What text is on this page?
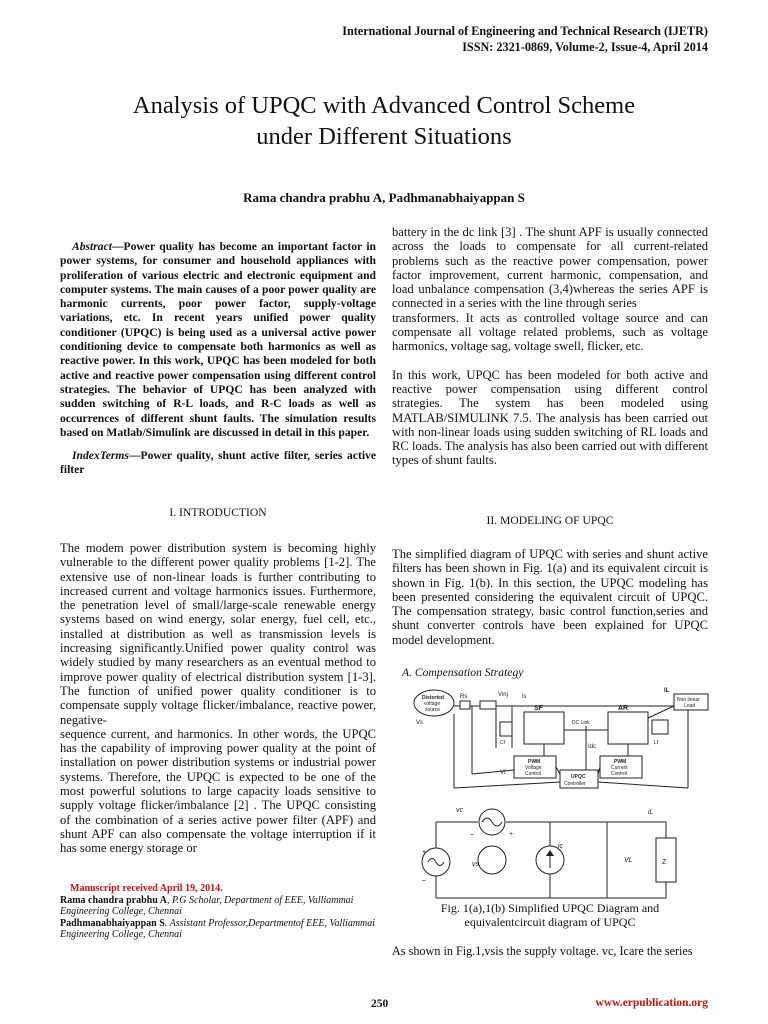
International Journal of Engineering and Technical Research (IJETR)
ISSN: 2321-0869, Volume-2, Issue-4, April 2014
Analysis of UPQC with Advanced Control Scheme
under Different Situations
Rama chandra prabhu A, Padhmanabhaiyappan S

Abstract—Power quality has become an important factor in power systems, for consumer and household appliances with proliferation of various electric and electronic equipment and computer systems. The main causes of a poor power quality are harmonic currents, poor power factor, supply-voltage variations, etc. In recent years unified power quality conditioner (UPQC) is being used as a universal active power conditioning device to compensate both harmonics as well as reactive power. In this work, UPQC has been modeled for both active and reactive power compensation using different control strategies. The behavior of UPQC has been analyzed with sudden switching of R-L loads, and R-C loads as well as occurrences of different shunt faults. The simulation results based on Matlab/Simulink are discussed in detail in this paper.

IndexTerms—Power quality, shunt active filter, series active filter

I. INTRODUCTION

The modem power distribution system is becoming highly vulnerable to the different power quality problems [1-2]. The extensive use of non-linear loads is further contributing to increased current and voltage harmonics issues. Furthermore, the penetration level of small/large-scale renewable energy systems based on wind energy, solar energy, fuel cell, etc., installed at distribution as well as transmission levels is increasing significantly.Unified power quality control was widely studied by many researchers as an eventual method to improve power quality of electrical distribution system [1-3]. The function of unified power quality conditioner is to compensate supply voltage flicker/imbalance, reactive power, negative-

sequence current, and harmonics. In other words, the UPQC has the capability of improving power quality at the point of installation on power distribution systems or industrial power systems. Therefore, the UPQC is expected to be one of the most powerful solutions to large capacity loads sensitive to supply voltage flicker/imbalance [2] . The UPQC consisting of the combination of a series active power filter (APF) and shunt APF can also compensate the voltage interruption if it has some energy storage or

Manuscript received April 19, 2014.
Rama chandra prabhu A, P.G Scholar, Department of EEE, Valliammai Engineering College, Chennai
Padhmanabhaiyappan S. Assistant Professor,Departmentof EEE, Valliammai Engineering College, Chennai

battery in the dc link [3] . The shunt APF is usually connected across the loads to compensate for all current-related problems such as the reactive power compensation, power factor improvement, current harmonic, compensation, and load unbalance compensation (3,4)whereas the series APF is connected in a series with the line through series

transformers. It acts as controlled voltage source and can compensate all voltage related problems, such as voltage harmonics, voltage sag, voltage swell, flicker, etc.

In this work, UPQC has been modeled for both active and reactive power compensation using different control strategies. The system has been modeled using MATLAB/SIMULINK 7.5. The analysis has been carried out with non-linear loads using sudden switching of RL loads and RC loads. The analysis has also been carried out with different types of shunt faults.

II. MODELING OF UPQC

The simplified diagram of UPQC with series and shunt active filters has been shown in Fig. 1(a) and its equivalent circuit is shown in Fig. 1(b). In this section, the UPQC modeling has been presented considering the equivalent circuit of UPQC. The compensation strategy, basic control function,series and shunt converter controls have been explained for UPQC model development.

A. Compensation Strategy

Distorted
voltage
source
Vs
Rs	Vinj is
SF	AR
DC Link
IL
Non linear
Load
Cf	Lf
PWM
Voltage
Control
PWM
Current
Control
UPQC
Controller
Vf
Idc
vc	iL
ic
vs
VL	Z
+
–
–	+
Fig. 1(a),1(b) Simplified UPQC Diagram and
equivalentcircuit diagram of UPQC

As shown in Fig.1,vsis the supply voltage. vc, Icare the series

250	www.erpublication.org
